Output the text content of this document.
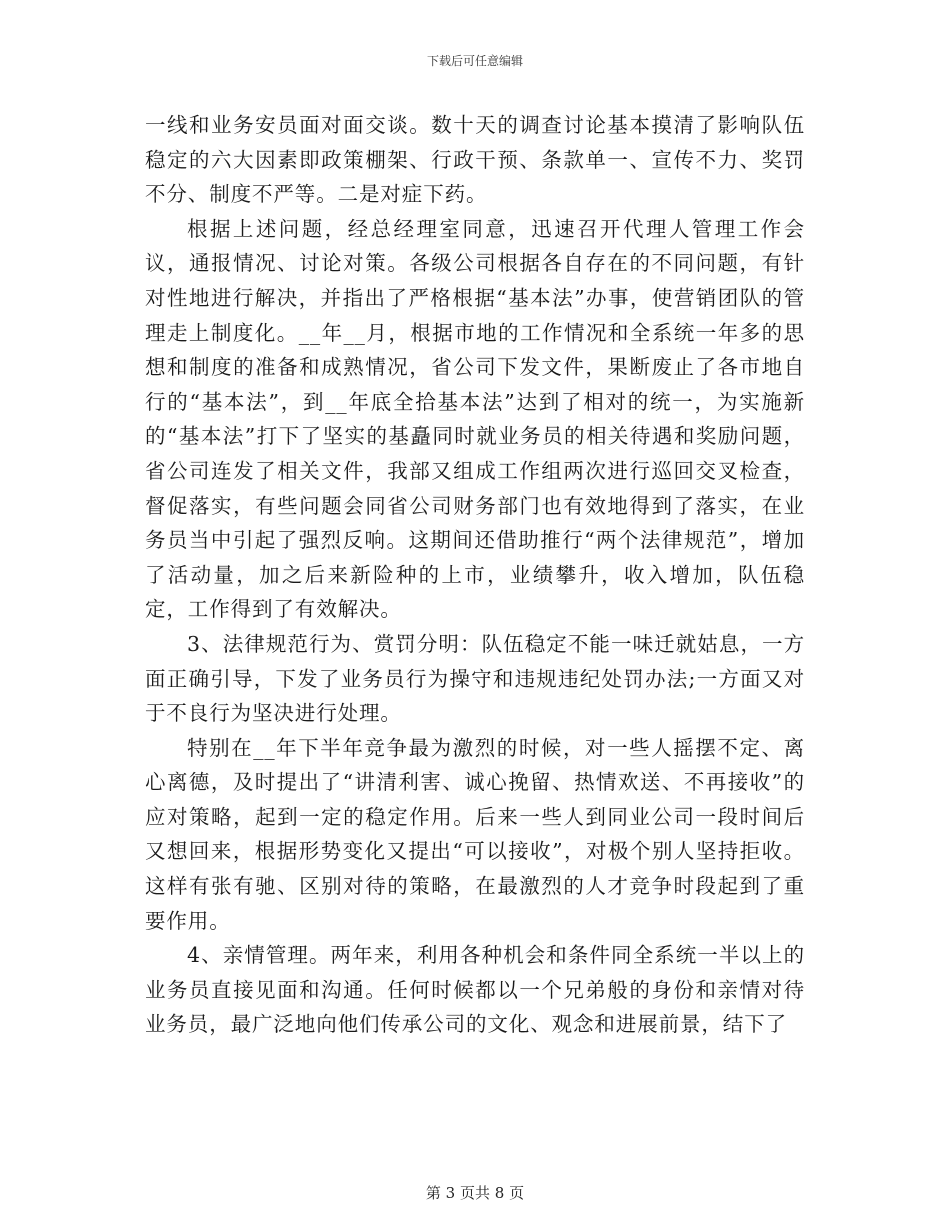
下载后可任意编辑

一线和业务安员面对面交谈。数十天的调查讨论基本摸清了影响队伍稳定的六大因素即政策棚架、行政干预、条款单一、宣传不力、奖罚不分、制度不严等。二是对症下药。

根据上述问题，经总经理室同意，迅速召开代理人管理工作会议，通报情况、讨论对策。各级公司根据各自存在的不同问题，有针对性地进行解决，并指出了严格根据“基本法”办事，使营销团队的管理走上制度化。__年__月，根据市地的工作情况和全系统一年多的思想和制度的准备和成熟情况，省公司下发文件，果断废止了各市地自行的“基本法”，到__年底全拾基本法”达到了相对的统一，为实施新的“基本法”打下了坚实的基矗同时就业务员的相关待遇和奖励问题，省公司连发了相关文件，我部又组成工作组两次进行巡回交叉检查，督促落实，有些问题会同省公司财务部门也有效地得到了落实，在业务员当中引起了强烈反响。这期间还借助推行“两个法律规范”，增加了活动量，加之后来新险种的上市，业绩攀升，收入增加，队伍稳定，工作得到了有效解决。

3、法律规范行为、赏罚分明：队伍稳定不能一味迁就姑息，一方面正确引导，下发了业务员行为操守和违规违纪处罚办法;一方面又对于不良行为坚决进行处理。

特别在__年下半年竞争最为激烈的时候，对一些人摇摆不定、离心离德，及时提出了“讲清利害、诚心挽留、热情欢送、不再接收”的应对策略，起到一定的稳定作用。后来一些人到同业公司一段时间后又想回来，根据形势变化又提出“可以接收”，对极个别人坚持拒收。这样有张有驰、区别对待的策略，在最激烈的人才竞争时段起到了重要作用。

4、亲情管理。两年来，利用各种机会和条件同全系统一半以上的业务员直接见面和沟通。任何时候都以一个兄弟般的身份和亲情对待业务员，最广泛地向他们传承公司的文化、观念和进展前景，结下了

第 3 页共 8 页
